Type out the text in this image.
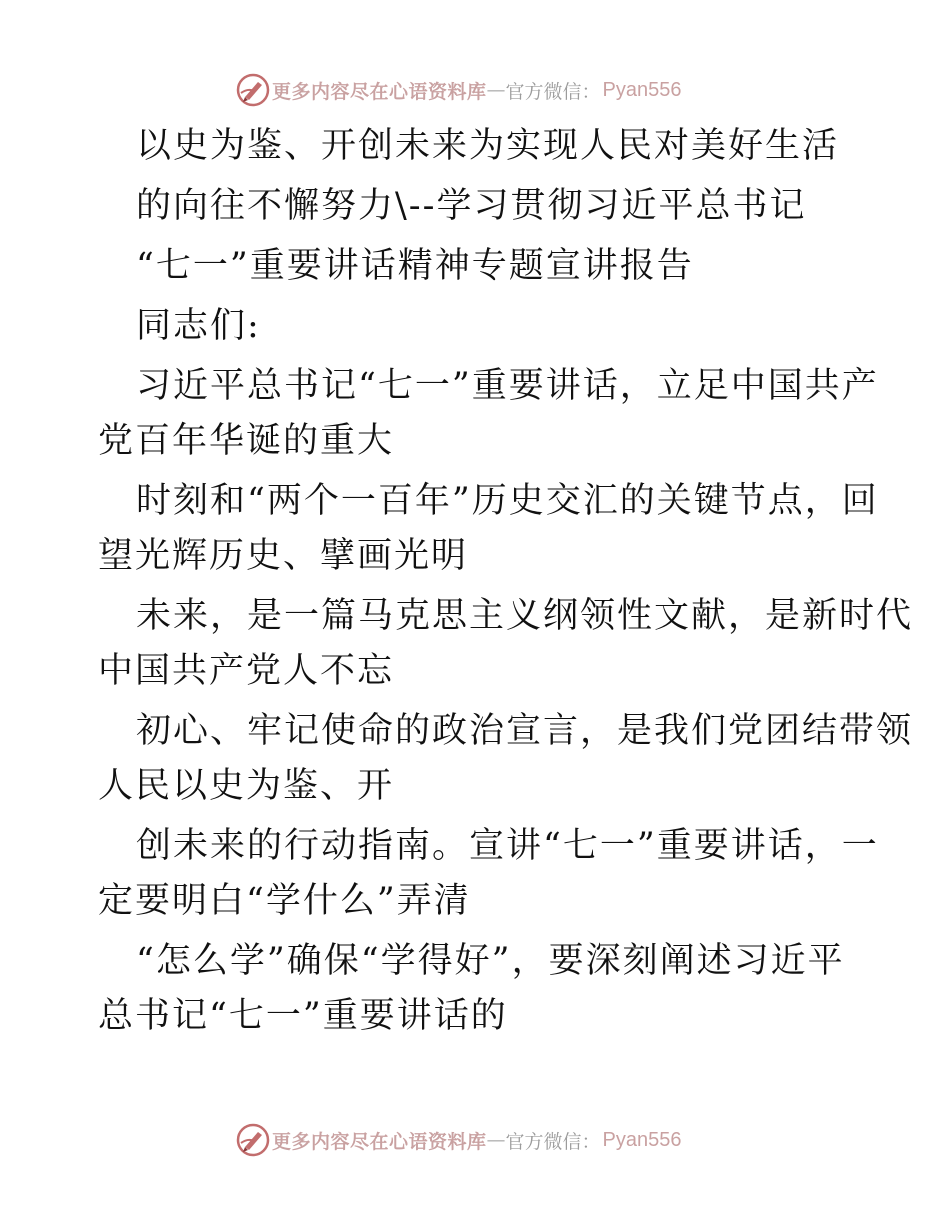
更多内容尽在心语资料库 — 官方微信： Pyan556
以史为鉴、开创未来为实现人民对美好生活
的向往不懈努力\--学习贯彻习近平总书记
“七一”重要讲话精神专题宣讲报告
同志们:
习近平总书记“七一”重要讲话，立足中国共产
党百年华诞的重大
时刻和“两个一百年”历史交汇的关键节点，回
望光辉历史、擘画光明
未来，是一篇马克思主义纲领性文献，是新时代
中国共产党人不忘
初心、牢记使命的政治宣言，是我们党团结带领
人民以史为鉴、开
创未来的行动指南。宣讲“七一”重要讲话，一
定要明白“学什么”弄清
“怎么学”确保“学得好”，要深刻阐述习近平
总书记“七一”重要讲话的
更多内容尽在心语资料库 — 官方微信： Pyan556
